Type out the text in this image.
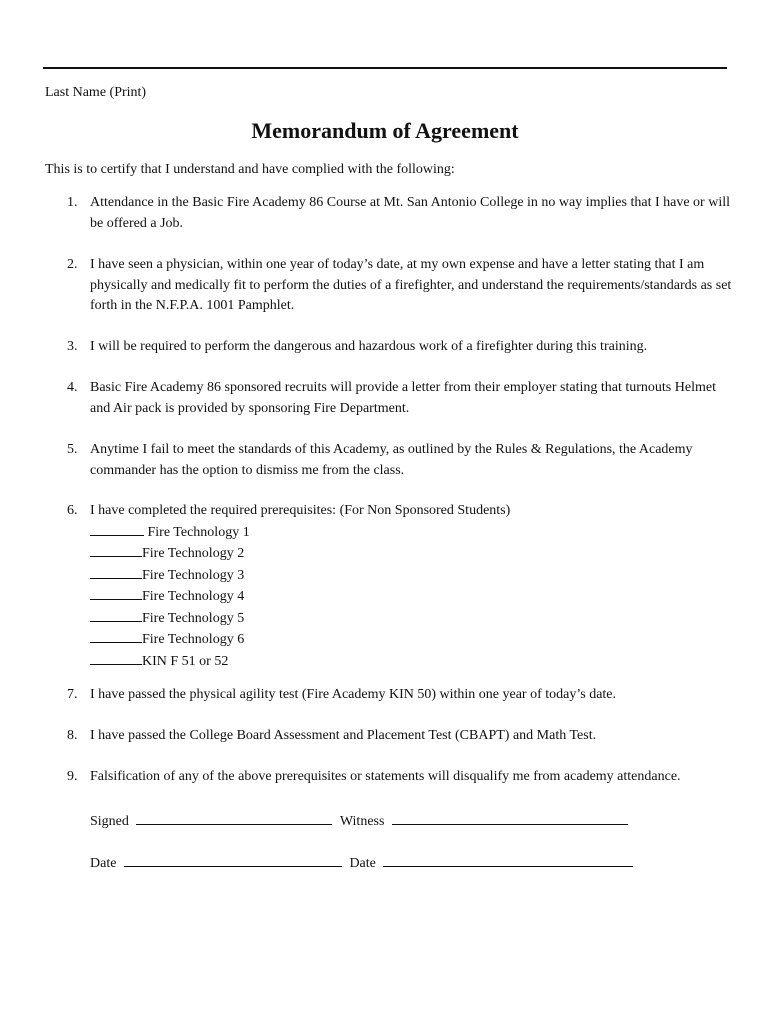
Last Name (Print)
Memorandum of Agreement
This is to certify that I understand and have complied with the following:
1. Attendance in the Basic Fire Academy 86 Course at Mt. San Antonio College in no way implies that I have or will be offered a Job.
2. I have seen a physician, within one year of today’s date, at my own expense and have a letter stating that I am physically and medically fit to perform the duties of a firefighter, and understand the requirements/standards as set forth in the N.F.P.A. 1001 Pamphlet.
3. I will be required to perform the dangerous and hazardous work of a firefighter during this training.
4. Basic Fire Academy 86 sponsored recruits will provide a letter from their employer stating that turnouts Helmet and Air pack is provided by sponsoring Fire Department.
5. Anytime I fail to meet the standards of this Academy, as outlined by the Rules & Regulations, the Academy commander has the option to dismiss me from the class.
6. I have completed the required prerequisites: (For Non Sponsored Students)
Fire Technology 1
Fire Technology 2
Fire Technology 3
Fire Technology 4
Fire Technology 5
Fire Technology 6
KIN F 51 or 52
7. I have passed the physical agility test (Fire Academy KIN 50) within one year of today’s date.
8. I have passed the College Board Assessment and Placement Test (CBAPT) and Math Test.
9. Falsification of any of the above prerequisites or statements will disqualify me from academy attendance.
Signed	Witness
Date	Date
